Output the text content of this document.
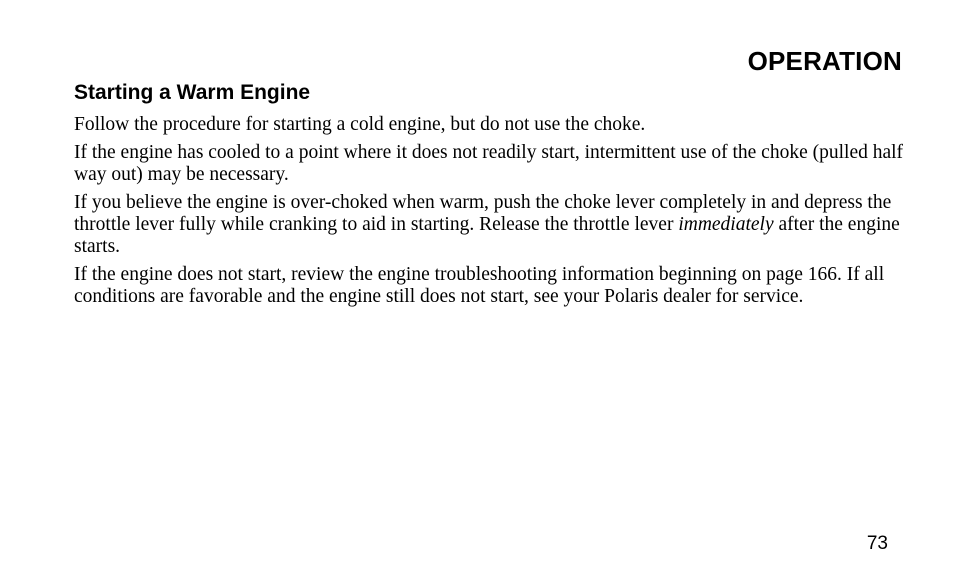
OPERATION
Starting a Warm Engine

Follow the procedure for starting a cold engine, but do not use the choke.

If the engine has cooled to a point where it does not readily start, intermittent use of the choke (pulled half way out) may be necessary.

If you believe the engine is over-choked when warm, push the choke lever completely in and depress the throttle lever fully while cranking to aid in starting. Release the throttle lever immediately after the engine starts.

If the engine does not start, review the engine troubleshooting information beginning on page 166. If all conditions are favorable and the engine still does not start, see your Polaris dealer for service.

73
